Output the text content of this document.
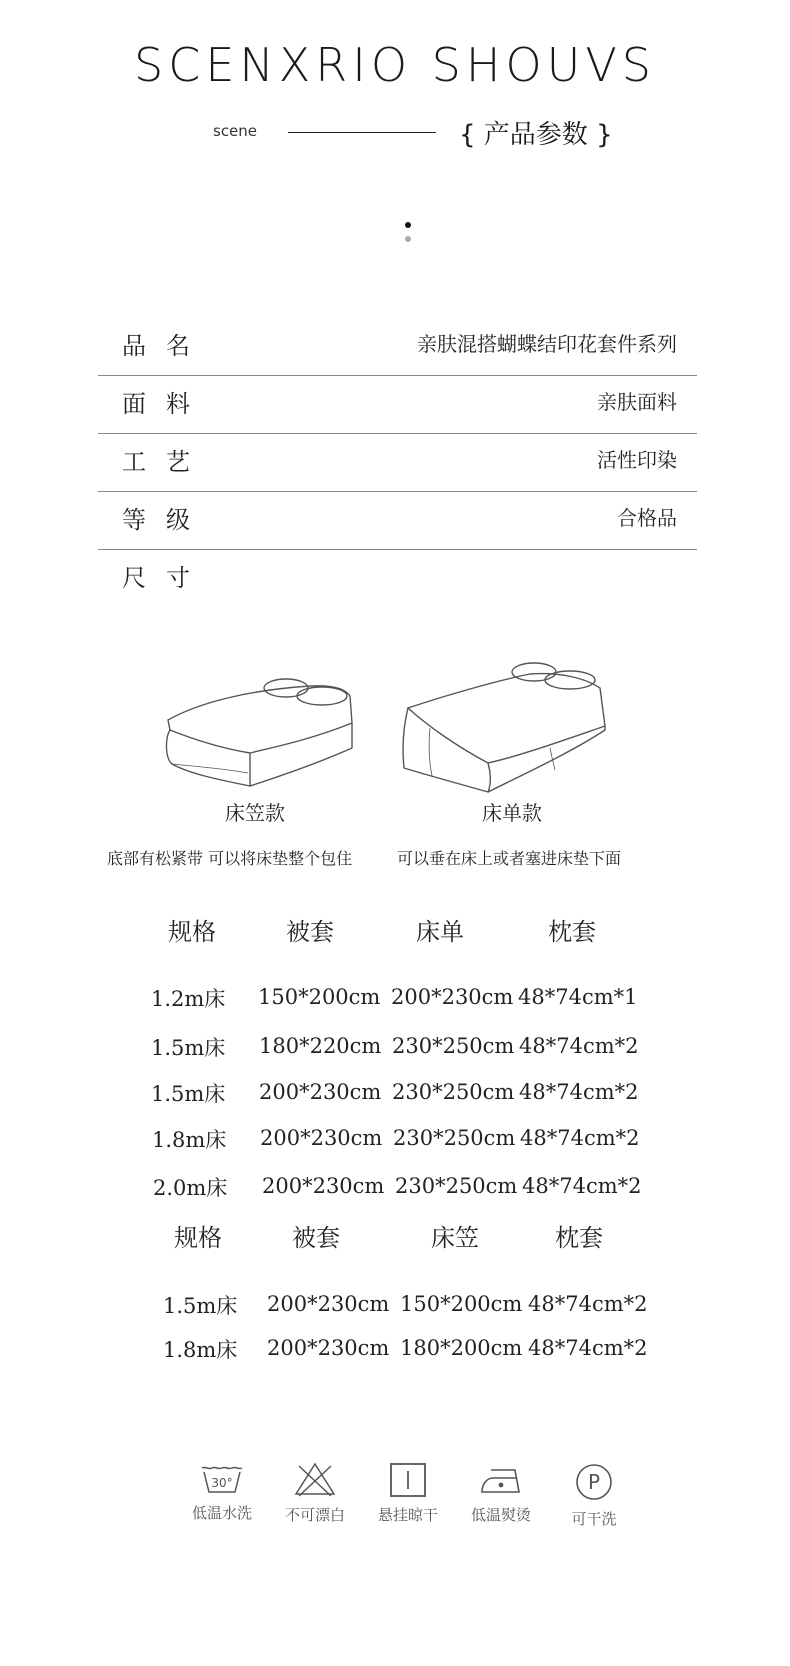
SCENXRIO SHOUVS
scene	{ 产品参数 }
品名	亲肤混搭蝴蝶结印花套件系列
面料	亲肤面料
工艺	活性印染
等级	合格品
尺寸
床笠款	床单款
底部有松紧带 可以将床垫整个包住	可以垂在床上或者塞进床垫下面
规格	被套	床单	枕套
1.2m床 150*200cm 200*230cm 48*74cm*1
1.5m床 180*220cm 230*250cm 48*74cm*2
1.5m床 200*230cm 230*250cm 48*74cm*2
1.8m床 200*230cm 230*250cm 48*74cm*2
2.0m床 200*230cm 230*250cm 48*74cm*2
规格	被套	床笠	枕套
1.5m床 200*230cm 150*200cm 48*74cm*2
1.8m床 200*230cm 180*200cm 48*74cm*2
30°
低温水洗	不可漂白	悬挂晾干	低温熨烫
P
可干洗
